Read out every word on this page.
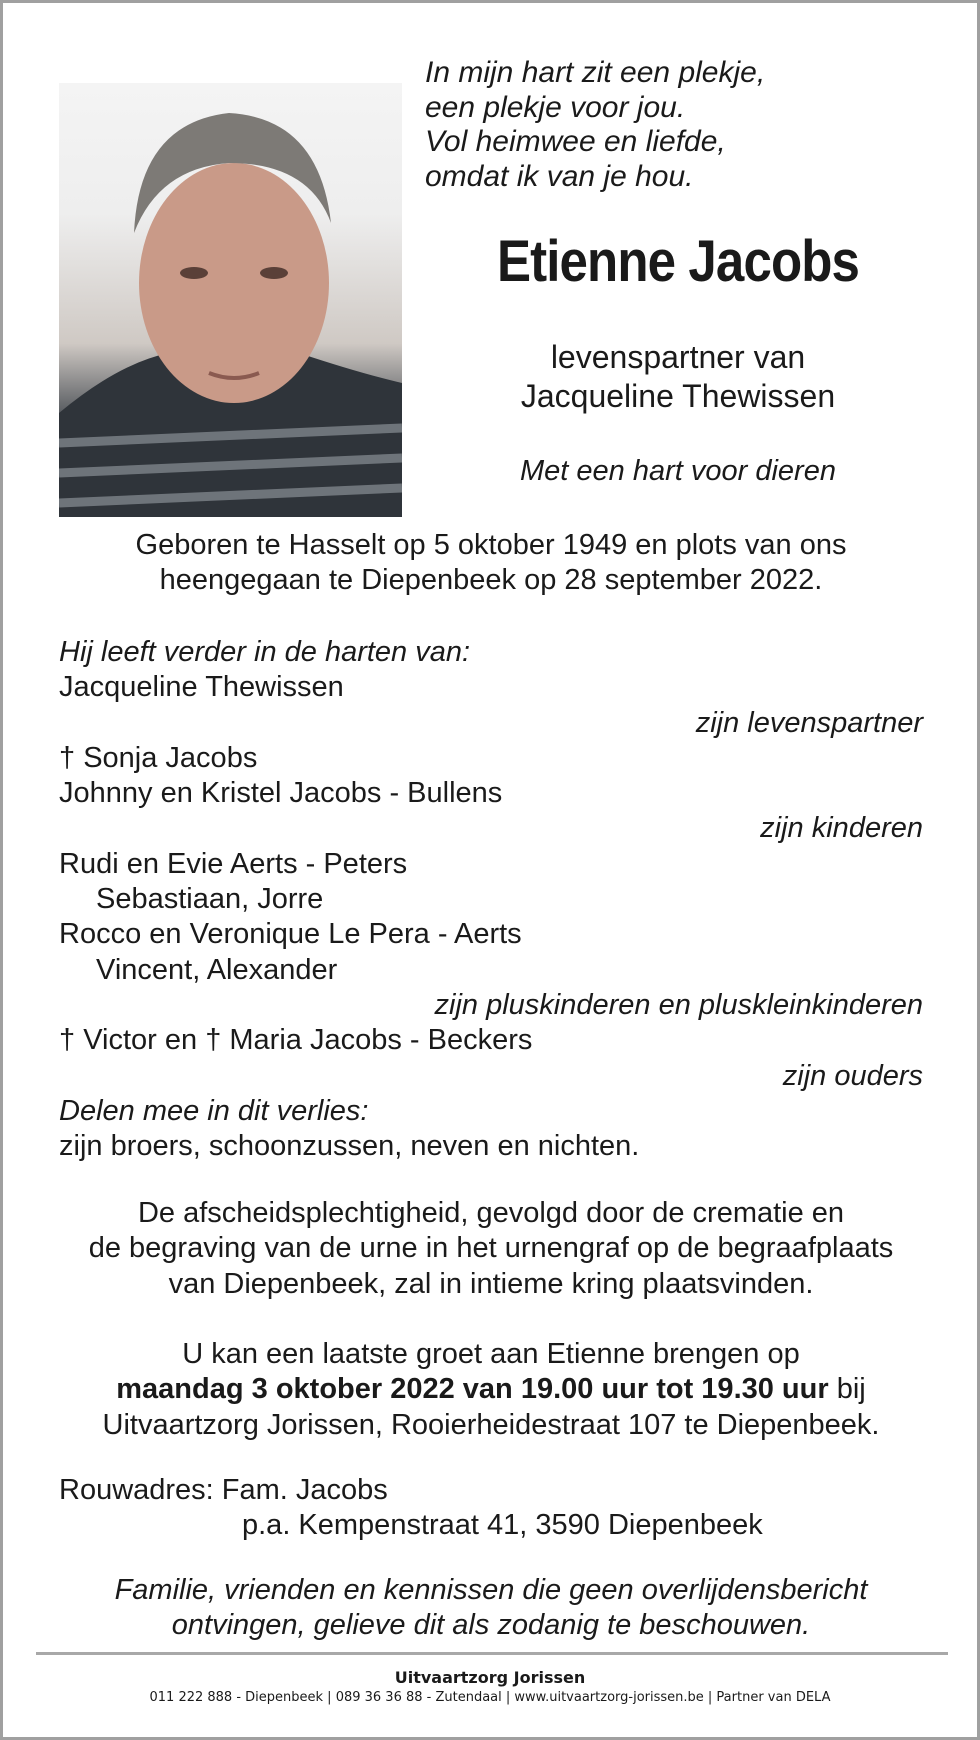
In mijn hart zit een plekje,
een plekje voor jou.
Vol heimwee en liefde,
omdat ik van je hou.
Etienne Jacobs
levenspartner van
Jacqueline Thewissen
Met een hart voor dieren
Geboren te Hasselt op 5 oktober 1949 en plots van ons
heengegaan te Diepenbeek op 28 september 2022.
Hij leeft verder in de harten van:
Jacqueline Thewissen
zijn levenspartner
† Sonja Jacobs
Johnny en Kristel Jacobs - Bullens
zijn kinderen
Rudi en Evie Aerts - Peters
Sebastiaan, Jorre
Rocco en Veronique Le Pera - Aerts
Vincent, Alexander
zijn pluskinderen en pluskleinkinderen
† Victor en † Maria Jacobs - Beckers
zijn ouders
Delen mee in dit verlies:
zijn broers, schoonzussen, neven en nichten.
De afscheidsplechtigheid, gevolgd door de crematie en
de begraving van de urne in het urnengraf op de begraafplaats
van Diepenbeek, zal in intieme kring plaatsvinden.
U kan een laatste groet aan Etienne brengen op
maandag 3 oktober 2022 van 19.00 uur tot 19.30 uur bij
Uitvaartzorg Jorissen, Rooierheidestraat 107 te Diepenbeek.
Rouwadres: Fam. Jacobs
p.a. Kempenstraat 41, 3590 Diepenbeek
Familie, vrienden en kennissen die geen overlijdensbericht
ontvingen, gelieve dit als zodanig te beschouwen.
Uitvaartzorg Jorissen
011 222 888 - Diepenbeek | 089 36 36 88 - Zutendaal | www.uitvaartzorg-jorissen.be | Partner van DELA
